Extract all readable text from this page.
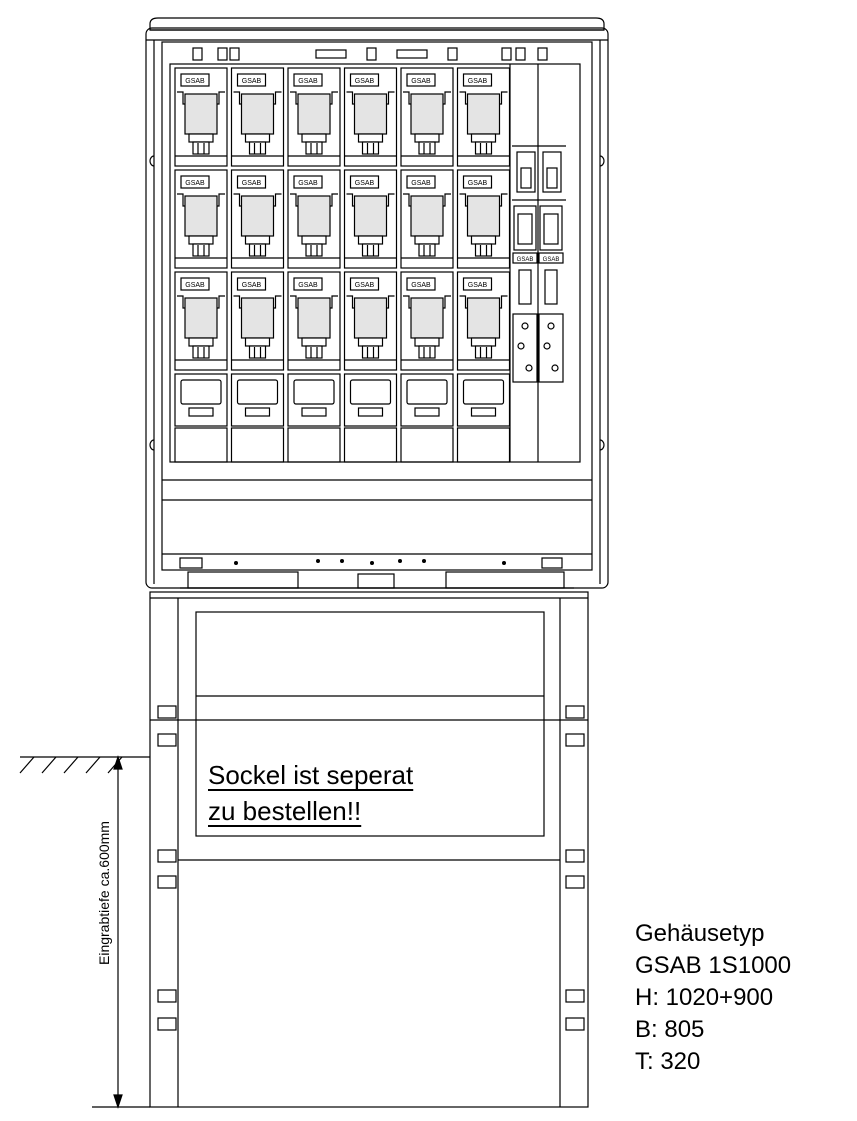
GSAB	GSAB	GSAB	GSAB	GSAB	GSAB
GSAB	GSAB	GSAB	GSAB	GSAB	GSAB
GSAB	GSAB	GSAB	GSAB	GSAB	GSAB
GSAB GSAB
Sockel ist seperat
zu bestellen!!
Eingrabtiefe ca.600mm	Gehäusetyp
GSAB 1S1000
H: 1020+900
B: 805
T: 320
